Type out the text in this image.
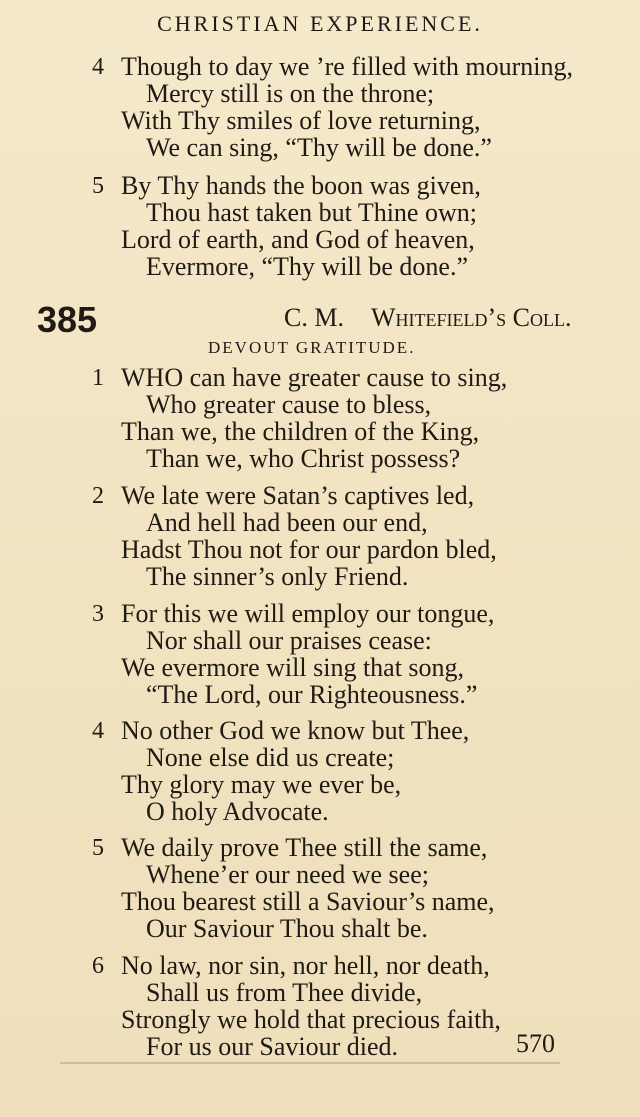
CHRISTIAN EXPERIENCE.
4 Though to day we ’re filled with mourning,
Mercy still is on the throne;
With Thy smiles of love returning,
We can sing, “Thy will be done.”
5 By Thy hands the boon was given,
Thou hast taken but Thine own;
Lord of earth, and God of heaven,
Evermore, “Thy will be done.”
385	C. M. Whitefield’s Coll.
DEVOUT GRATITUDE.
1 WHO can have greater cause to sing,
Who greater cause to bless,
Than we, the children of the King,
Than we, who Christ possess?
2 We late were Satan’s captives led,
And hell had been our end,
Hadst Thou not for our pardon bled,
The sinner’s only Friend.
3 For this we will employ our tongue,
Nor shall our praises cease:
We evermore will sing that song,
“The Lord, our Righteousness.”
4 No other God we know but Thee,
None else did us create;
Thy glory may we ever be,
O holy Advocate.
5 We daily prove Thee still the same,
Whene’er our need we see;
Thou bearest still a Saviour’s name,
Our Saviour Thou shalt be.
6 No law, nor sin, nor hell, nor death,
Shall us from Thee divide,
Strongly we hold that precious faith,
For us our Saviour died.	570
